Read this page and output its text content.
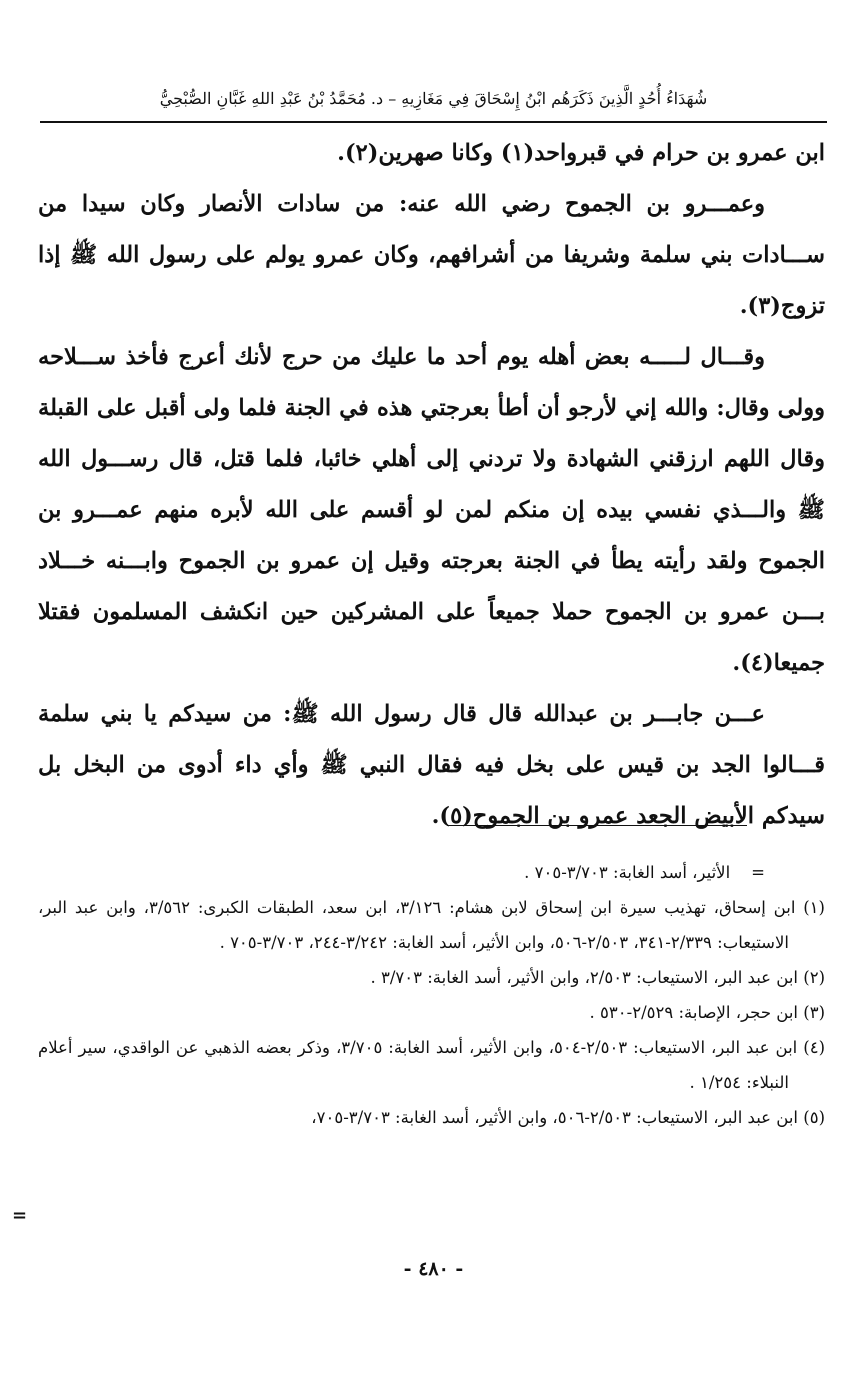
شُهَدَاءُ أُحُدٍ الَّذِينَ ذَكَرَهُم ابْنُ إِسْحَاقَ فِي مَغَازِيهِ – د. مُحَمَّدُ بْنُ عَبْدِ اللهِ غَبَّانِ الصُّبْحِيُّ

ابن عمرو بن حرام في قبرواحد(١) وكانا صهرين(٢).

وعمـــرو بن الجموح رضي الله عنه: من سادات الأنصار وكان سيدا من ســـادات بني سلمة وشريفا من أشرافهم، وكان عمرو يولم على رسول الله ﷺ إذا تزوج(٣).

وقـــال لـــــه بعض أهله يوم أحد ما عليك من حرج لأنك أعرج فأخذ ســـلاحه وولى وقال: والله إني لأرجو أن أطأ بعرجتي هذه في الجنة فلما ولى أقبل على القبلة وقال اللهم ارزقني الشهادة ولا تردني إلى أهلي خائبا، فلما قتل، قال رســـول الله ﷺ والـــذي نفسي بيده إن منكم لمن لو أقسم على الله لأبره منهم عمـــرو بن الجموح ولقد رأيته يطأ في الجنة بعرجته وقيل إن عمرو بن الجموح وابـــنه خـــلاد بـــن عمرو بن الجموح حملا جميعاً على المشركين حين انكشف المسلمون فقتلا جميعا(٤).

عـــن جابـــر بن عبدالله قال قال رسول الله ﷺ: من سيدكم يا بني سلمة قـــالوا الجد بن قيس على بخل فيه فقال النبي ﷺ وأي داء أدوى من البخل بل سيدكم الأبيض الجعد عمرو بن الجموح(٥).

=    الأثير، أسد الغابة: ٣/٧٠٣-٧٠٥ .

(١) ابن إسحاق، تهذيب سيرة ابن إسحاق لابن هشام: ٣/١٢٦، ابن سعد، الطبقات الكبرى: ٣/٥٦٢، وابن عبد البر، الاستيعاب: ٢/٣٣٩-٣٤١، ٢/٥٠٣-٥٠٦، وابن الأثير، أسد الغابة: ٣/٢٤٢-٢٤٤، ٣/٧٠٣-٧٠٥ .

(٢) ابن عبد البر، الاستيعاب: ٢/٥٠٣، وابن الأثير، أسد الغابة: ٣/٧٠٣ .

(٣) ابن حجر، الإصابة: ٢/٥٢٩-٥٣٠ .

(٤) ابن عبد البر، الاستيعاب: ٢/٥٠٣-٥٠٤، وابن الأثير، أسد الغابة: ٣/٧٠٥، وذكر بعضه الذهبي عن الواقدي، سير أعلام النبلاء: ١/٢٥٤ .

(٥) ابن عبد البر، الاستيعاب: ٢/٥٠٣-٥٠٦، وابن الأثير، أسد الغابة: ٣/٧٠٣-٧٠٥،

=
- ٤٨٠ -
